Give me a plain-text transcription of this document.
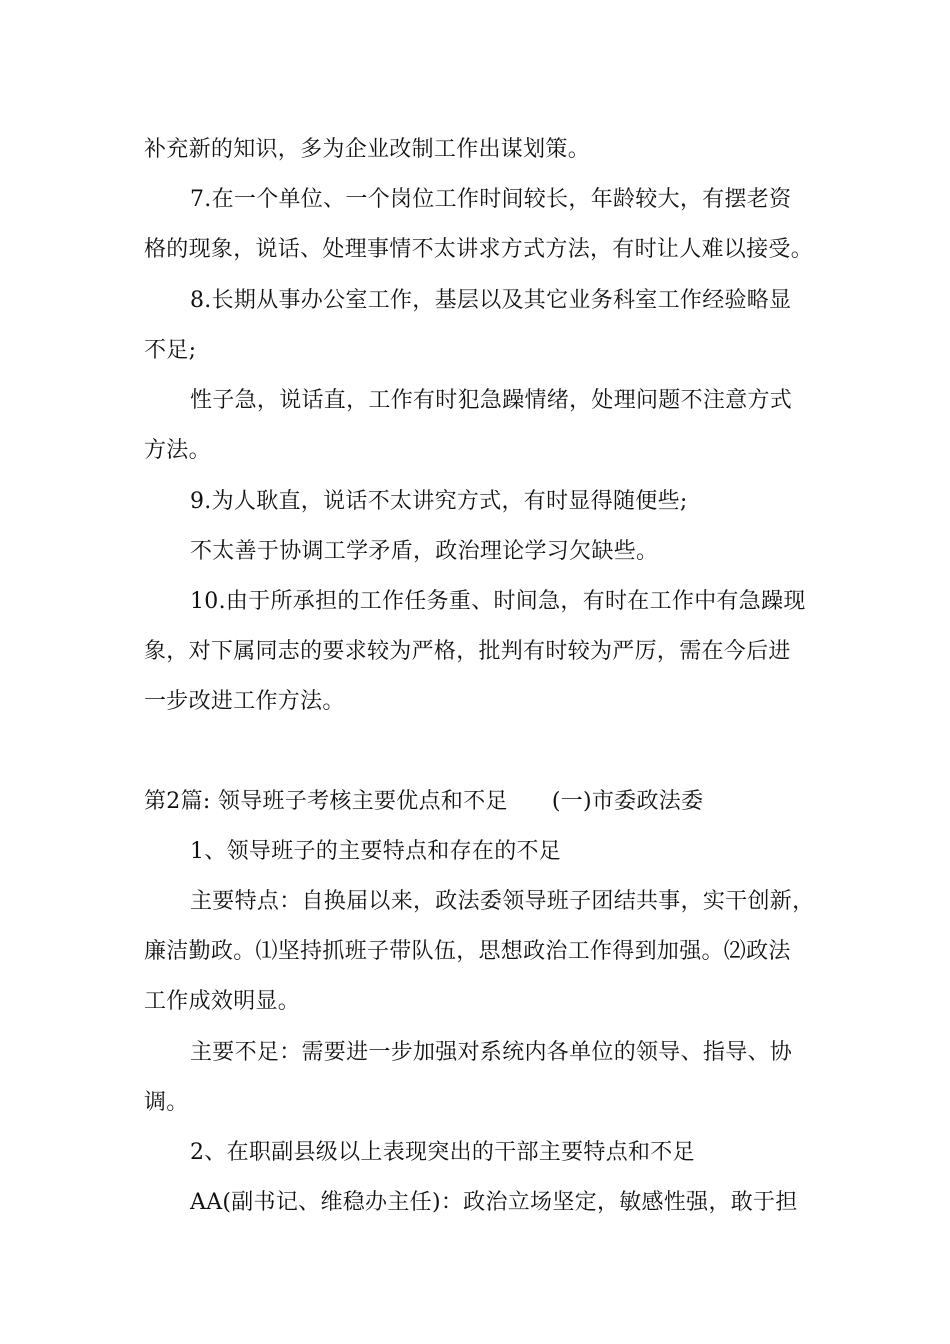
补充新的知识，多为企业改制工作出谋划策。
7.在一个单位、一个岗位工作时间较长，年龄较大，有摆老资
格的现象，说话、处理事情不太讲求方式方法，有时让人难以接受。
8.长期从事办公室工作，基层以及其它业务科室工作经验略显
不足;
性子急，说话直，工作有时犯急躁情绪，处理问题不注意方式
方法。
9.为人耿直，说话不太讲究方式，有时显得随便些;
不太善于协调工学矛盾，政治理论学习欠缺些。
10.由于所承担的工作任务重、时间急，有时在工作中有急躁现
象，对下属同志的要求较为严格，批判有时较为严厉，需在今后进
一步改进工作方法。
第2篇: 领导班子考核主要优点和不足 (一)市委政法委
1、领导班子的主要特点和存在的不足
主要特点：自换届以来，政法委领导班子团结共事，实干创新，
廉洁勤政。⑴坚持抓班子带队伍，思想政治工作得到加强。⑵政法
工作成效明显。
主要不足：需要进一步加强对系统内各单位的领导、指导、协
调。
2、在职副县级以上表现突出的干部主要特点和不足
AA(副书记、维稳办主任)：政治立场坚定，敏感性强，敢于担
